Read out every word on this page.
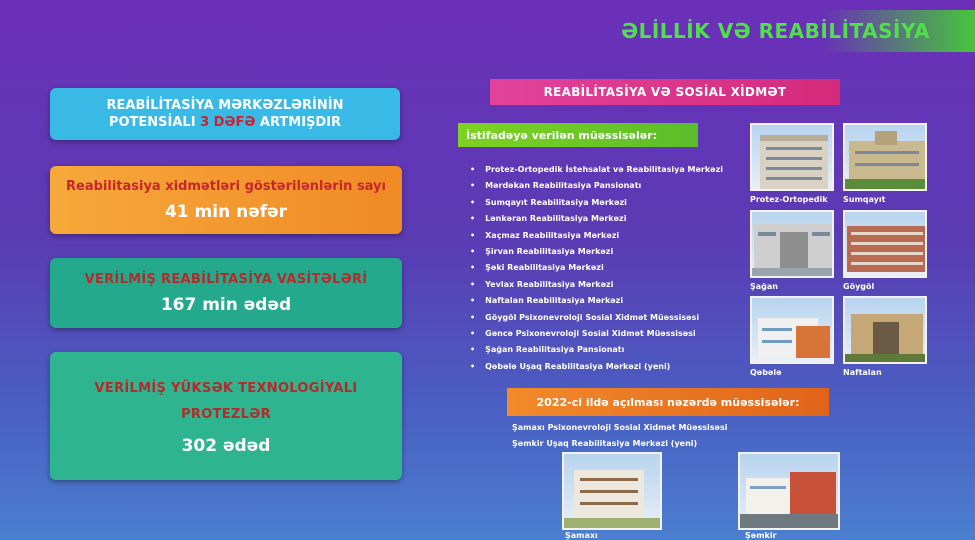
ƏLİLLİK VƏ REABİLİTASİYA
REABİLİTASİYA MƏRKƏZLƏRİNİN
POTENSİALI 3 DƏFƏ ARTMIŞDIR
Reabilitasiya xidmətləri göstərilənlərin sayı
41 min nəfər
VERİLMİŞ REABİLİTASİYA VASİTƏLƏRİ
167 min ədəd
VERİLMİŞ YÜKSƏK TEXNOLOGİYALI
PROTEZLƏR
302 ədəd
REABİLİTASİYA VƏ SOSİAL XİDMƏT
İstifadəyə verilən müəssisələr:
• Protez-Ortopedik İstehsalat və Reabilitasiya Mərkəzi
• Mərdəkan Reabilitasiya Pansionatı
• Sumqayıt Reabilitasiya Mərkəzi
• Lənkəran Reabilitasiya Mərkəzi
• Xaçmaz Reabilitasiya Mərkəzi
• Şirvan Reabilitasiya Mərkəzi
• Şəki Reabilitasiya Mərkəzi
• Yevlax Reabilitasiya Mərkəzi
• Naftalan Reabilitasiya Mərkəzi
• Göygöl Psixonevroloji Sosial Xidmət Müəssisəsi
• Gəncə Psixonevroloji Sosial Xidmət Müəssisəsi
• Şağan Reabilitasiya Pansionatı
• Qəbələ Uşaq Reabilitasiya Mərkəzi (yeni)
Protez-Ortopedik Sumqayıt
Şağan	Göygöl
Qəbələ	Naftalan
2022-ci ildə açılması nəzərdə müəssisələr:
Şamaxı Psixonevroloji Sosial Xidmət Müəssisəsi
Şəmkir Uşaq Reabilitasiya Mərkəzi (yeni)
Şamaxı	Şəmkir
